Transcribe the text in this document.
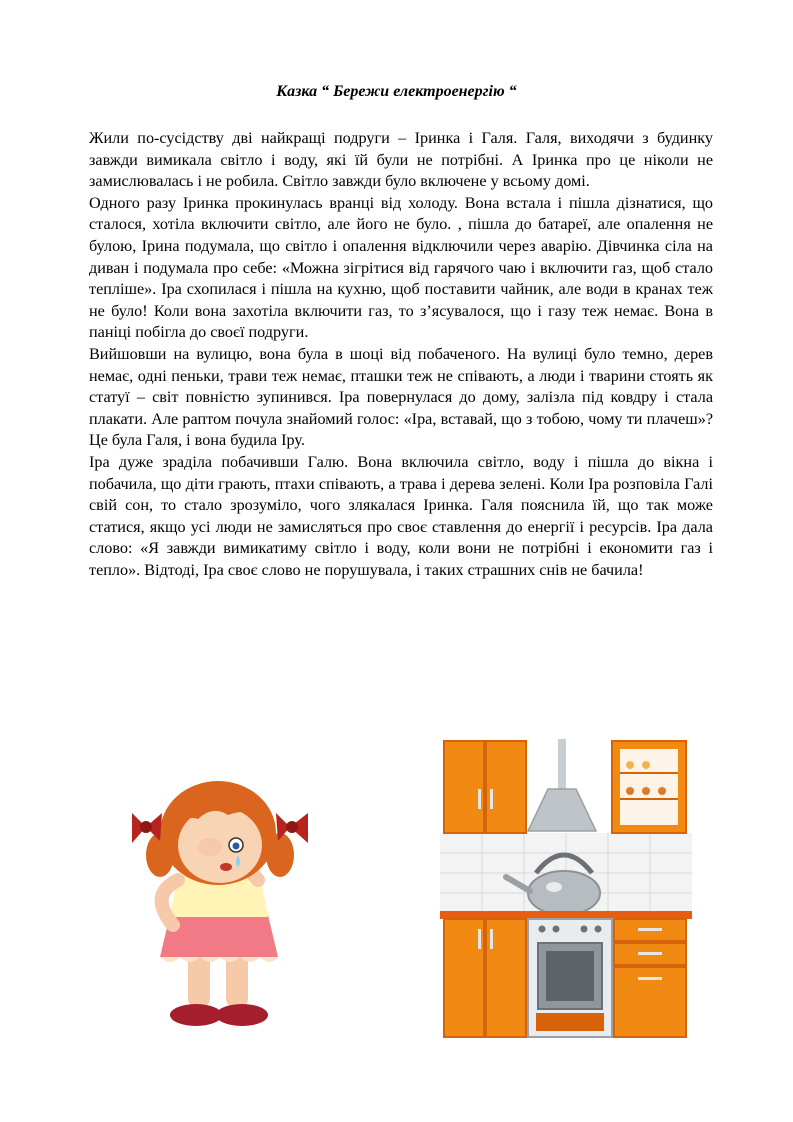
Казка “ Бережи електроенергію “

Жили по-сусідству дві найкращі подруги – Іринка і Галя. Галя, виходячи з будинку завжди вимикала світло і воду, які їй були не потрібні. А Іринка про це ніколи не замислювалась і не робила. Світло завжди було включене у всьому домі.

Одного разу Іринка прокинулась вранці від холоду. Вона встала і пішла дізнатися, що сталося, хотіла включити світло, але його не було. , пішла до батареї, але опалення не булою, Ірина подумала, що світло і опалення відключили через аварію. Дівчинка сіла на диван і подумала про себе: «Можна зігрітися від гарячого чаю і включити газ, щоб стало тепліше». Іра схопилася і пішла на кухню, щоб поставити чайник, але води в кранах теж не було! Коли вона захотіла включити газ, то з’ясувалося, що і газу теж немає. Вона в паніці побігла до своєї подруги.

Вийшовши на вулицю, вона була в шоці від побаченого. На вулиці було темно, дерев немає, одні пеньки, трави теж немає, пташки теж не співають, а люди і тварини стоять як статуї – світ повністю зупинився. Іра повернулася до дому, залізла під ковдру і стала плакати. Але раптом почула знайомий голос: «Іра, вставай, що з тобою, чому ти плачеш»? Це була Галя, і вона будила Іру.

Іра дуже зраділа побачивши Галю. Вона включила світло, воду і пішла до вікна і побачила, що діти грають, птахи співають, а трава і дерева зелені. Коли Іра розповіла Галі свій сон, то стало зрозуміло, чого злякалася Іринка. Галя пояснила їй, що так може статися, якщо усі люди не замисляться про своє ставлення до енергії і ресурсів. Іра дала слово: «Я завжди вимикатиму світло і воду, коли вони не потрібні і економити газ і тепло». Відтоді, Іра своє слово не порушувала, і таких страшних снів не бачила!
